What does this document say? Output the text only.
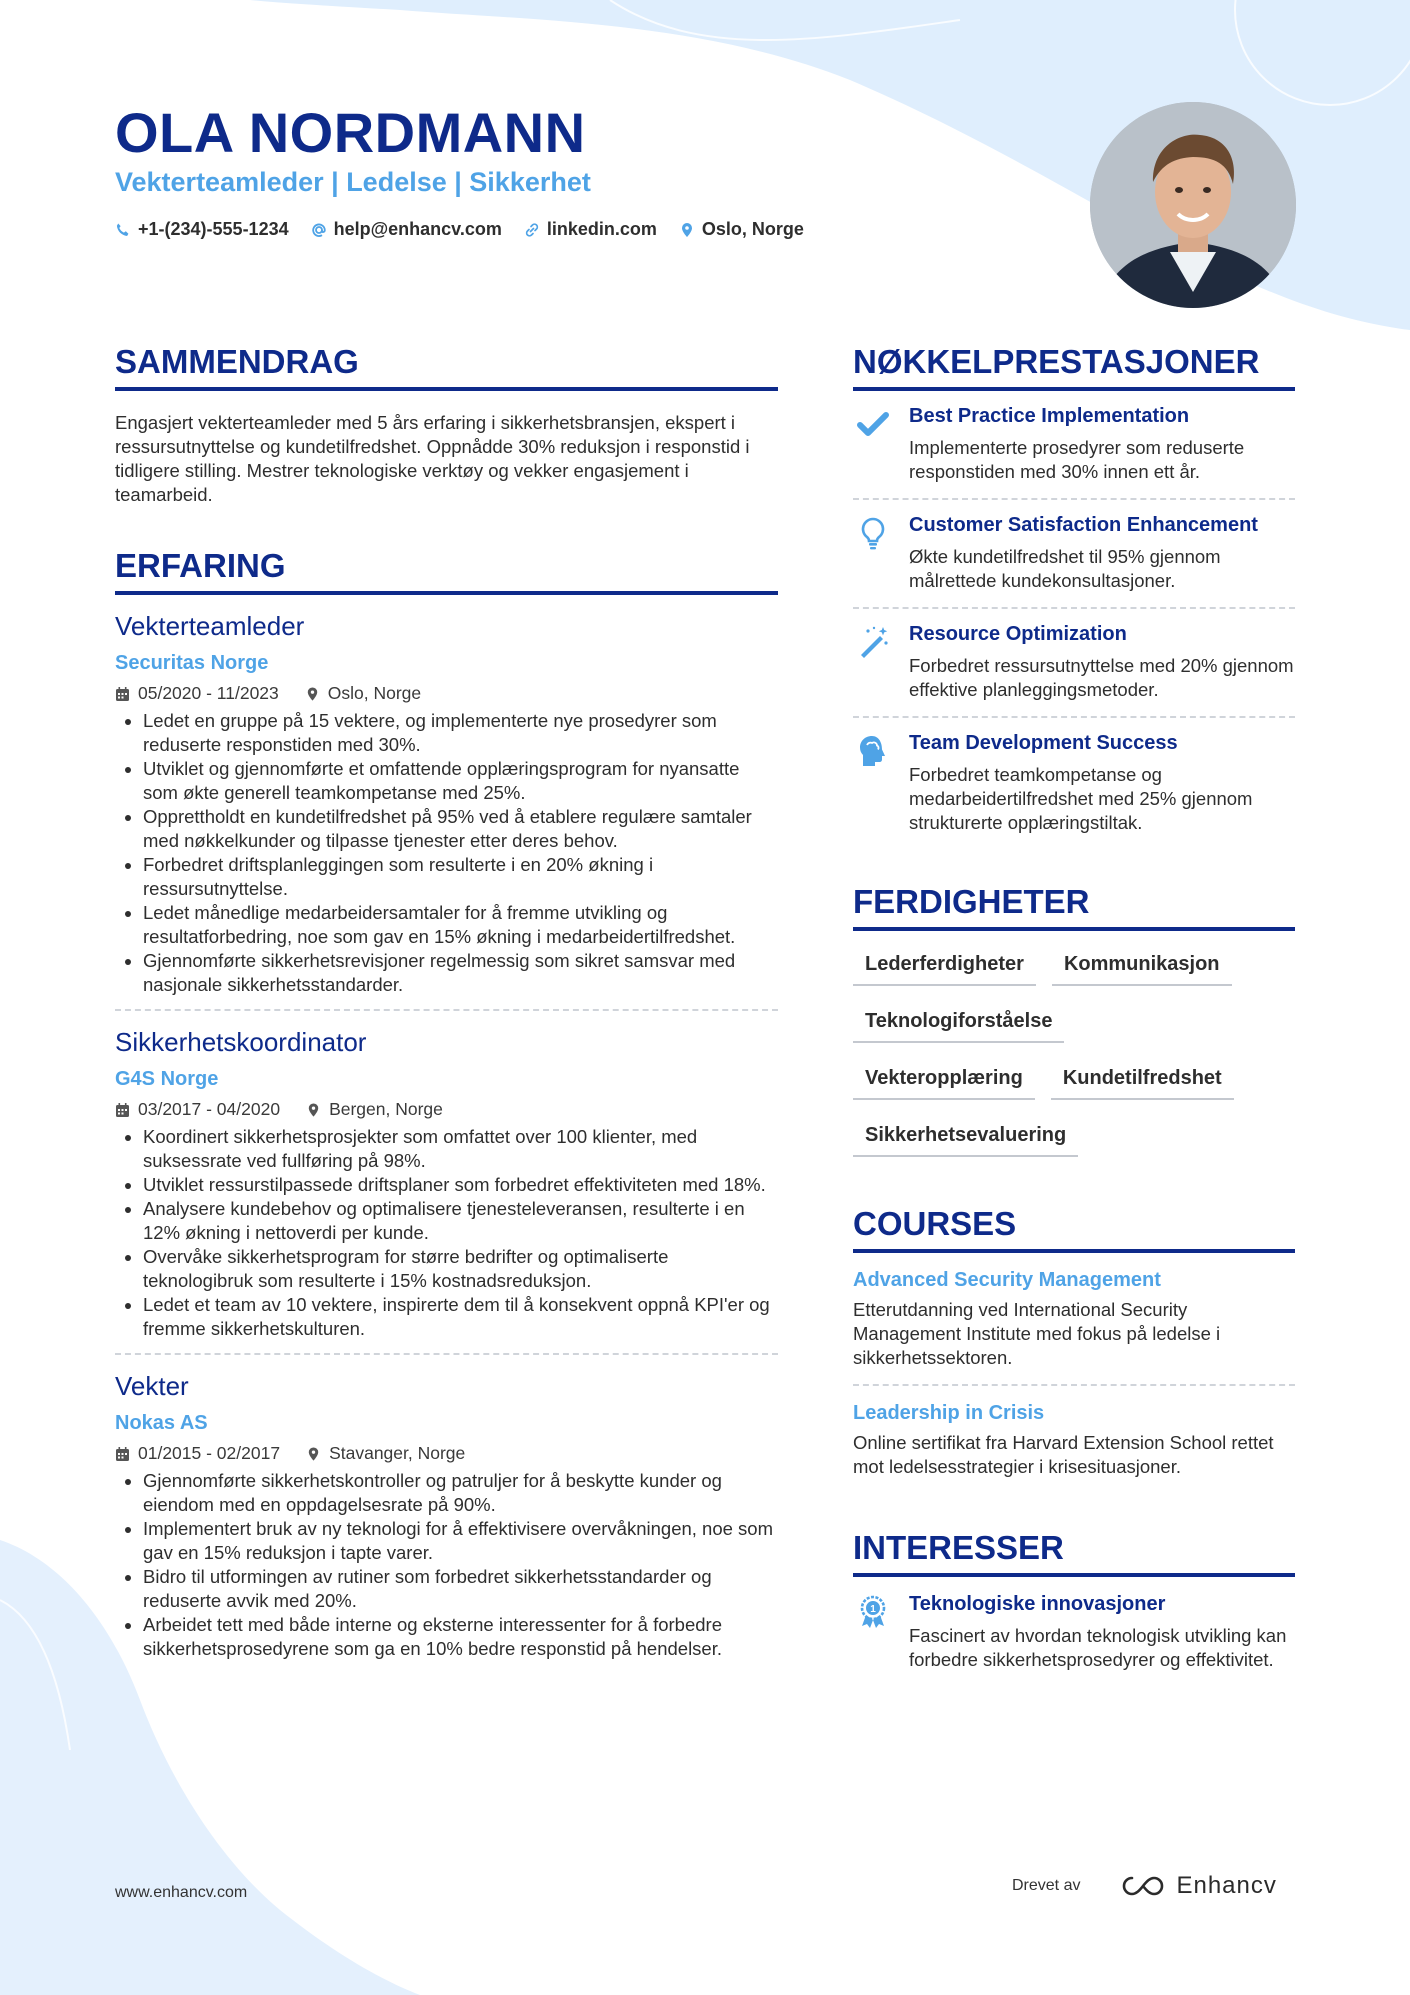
OLA NORDMANN
Vekterteamleder | Ledelse | Sikkerhet
+1-(234)-555-1234	help@enhancv.com	linkedin.com	Oslo, Norge
SAMMENDRAG
Engasjert vekterteamleder med 5 års erfaring i sikkerhetsbransjen, ekspert i ressursutnyttelse og kundetilfredshet. Oppnådde 30% reduksjon i responstid i tidligere stilling. Mestrer teknologiske verktøy og vekker engasjement i teamarbeid.
ERFARING
Vekterteamleder
Securitas Norge
05/2020 - 11/2023	Oslo, Norge
• Ledet en gruppe på 15 vektere, og implementerte nye prosedyrer som reduserte responstiden med 30%.
• Utviklet og gjennomførte et omfattende opplæringsprogram for nyansatte som økte generell teamkompetanse med 25%.
• Opprettholdt en kundetilfredshet på 95% ved å etablere regulære samtaler med nøkkelkunder og tilpasse tjenester etter deres behov.
• Forbedret driftsplanleggingen som resulterte i en 20% økning i ressursutnyttelse.
• Ledet månedlige medarbeidersamtaler for å fremme utvikling og resultatforbedring, noe som gav en 15% økning i medarbeidertilfredshet.
• Gjennomførte sikkerhetsrevisjoner regelmessig som sikret samsvar med nasjonale sikkerhetsstandarder.
Sikkerhetskoordinator
G4S Norge
03/2017 - 04/2020	Bergen, Norge
• Koordinert sikkerhetsprosjekter som omfattet over 100 klienter, med suksessrate ved fullføring på 98%.
• Utviklet ressurstilpassede driftsplaner som forbedret effektiviteten med 18%.
• Analysere kundebehov og optimalisere tjenesteleveransen, resulterte i en 12% økning i nettoverdi per kunde.
• Overvåke sikkerhetsprogram for større bedrifter og optimaliserte teknologibruk som resulterte i 15% kostnadsreduksjon.
• Ledet et team av 10 vektere, inspirerte dem til å konsekvent oppnå KPI'er og fremme sikkerhetskulturen.
Vekter
Nokas AS
01/2015 - 02/2017	Stavanger, Norge
• Gjennomførte sikkerhetskontroller og patruljer for å beskytte kunder og eiendom med en oppdagelsesrate på 90%.
• Implementert bruk av ny teknologi for å effektivisere overvåkningen, noe som gav en 15% reduksjon i tapte varer.
• Bidro til utformingen av rutiner som forbedret sikkerhetsstandarder og reduserte avvik med 20%.
• Arbeidet tett med både interne og eksterne interessenter for å forbedre sikkerhetsprosedyrene som ga en 10% bedre responstid på hendelser.
NØKKELPRESTASJONER
Best Practice Implementation
Implementerte prosedyrer som reduserte responstiden med 30% innen ett år.
Customer Satisfaction Enhancement
Økte kundetilfredshet til 95% gjennom målrettede kundekonsultasjoner.
Resource Optimization
Forbedret ressursutnyttelse med 20% gjennom effektive planleggingsmetoder.
Team Development Success
Forbedret teamkompetanse og medarbeidertilfredshet med 25% gjennom strukturerte opplæringstiltak.
FERDIGHETER
Lederferdigheter	Kommunikasjon
Teknologiforståelse
Vekteropplæring	Kundetilfredshet
Sikkerhetsevaluering
COURSES
Advanced Security Management
Etterutdanning ved International Security Management Institute med fokus på ledelse i sikkerhetssektoren.
Leadership in Crisis
Online sertifikat fra Harvard Extension School rettet mot ledelsesstrategier i krisesituasjoner.
INTERESSER
1 Teknologiske innovasjoner
Fascinert av hvordan teknologisk utvikling kan forbedre sikkerhetsprosedyrer og effektivitet.
www.enhancv.com	Drevet av	Enhancv
